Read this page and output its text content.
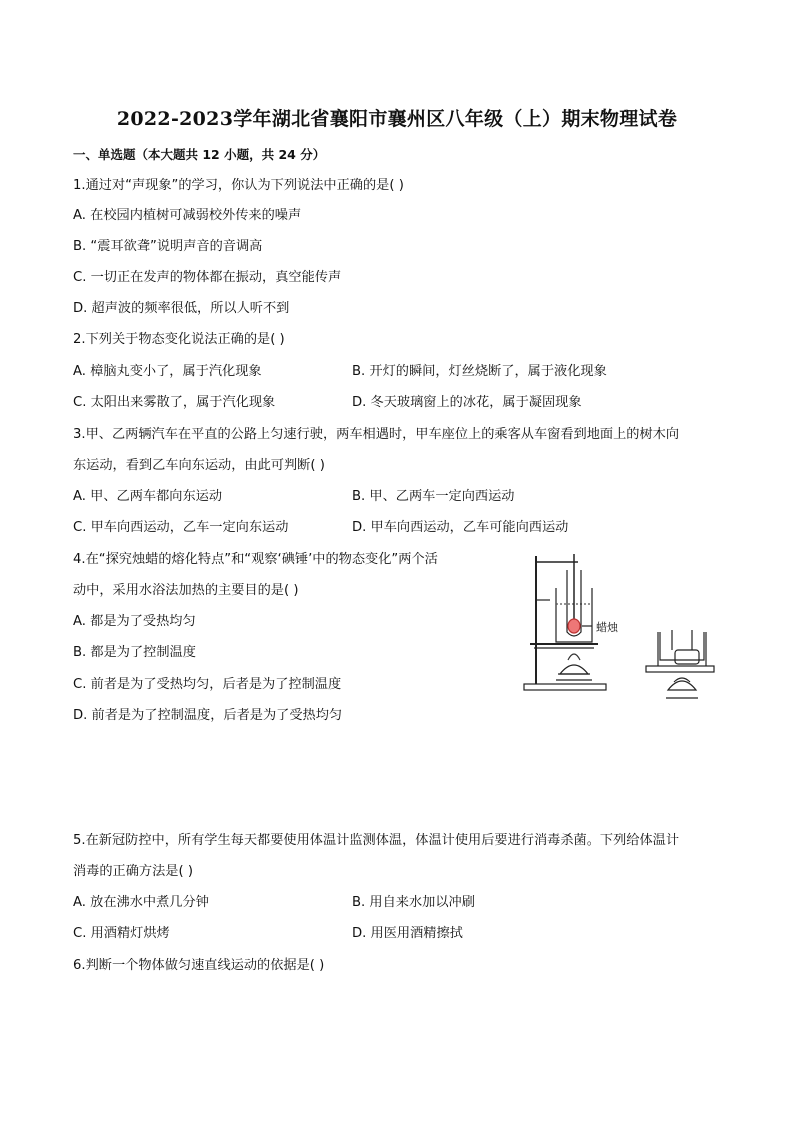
2022-2023学年湖北省襄阳市襄州区八年级（上）期末物理试卷
一、单选题（本大题共 12 小题，共 24 分）
1.通过对“声现象”的学习，你认为下列说法中正确的是( )
A. 在校园内植树可减弱校外传来的噪声
B. “震耳欲聋”说明声音的音调高
C. 一切正在发声的物体都在振动，真空能传声
D. 超声波的频率很低，所以人听不到
2.下列关于物态变化说法正确的是( )
A. 樟脑丸变小了，属于汽化现象	B. 开灯的瞬间，灯丝烧断了，属于液化现象
C. 太阳出来雾散了，属于汽化现象	D. 冬天玻璃窗上的冰花，属于凝固现象
3.甲、乙两辆汽车在平直的公路上匀速行驶，两车相遇时，甲车座位上的乘客从车窗看到地面上的树木向
东运动，看到乙车向东运动，由此可判断( )
A. 甲、乙两车都向东运动	B. 甲、乙两车一定向西运动
C. 甲车向西运动，乙车一定向东运动	D. 甲车向西运动，乙车可能向西运动
4.在“探究烛蜡的熔化特点”和“观察‘碘锤’中的物态变化”两个活
动中，采用水浴法加热的主要目的是( )
A. 都是为了受热均匀
B. 都是为了控制温度
C. 前者是为了受热均匀，后者是为了控制温度
D. 前者是为了控制温度，后者是为了受热均匀
蜡烛
5.在新冠防控中，所有学生每天都要使用体温计监测体温，体温计使用后要进行消毒杀菌。下列给体温计
消毒的正确方法是( )
A. 放在沸水中煮几分钟	B. 用自来水加以冲刷
C. 用酒精灯烘烤	D. 用医用酒精擦拭
6.判断一个物体做匀速直线运动的依据是( )
